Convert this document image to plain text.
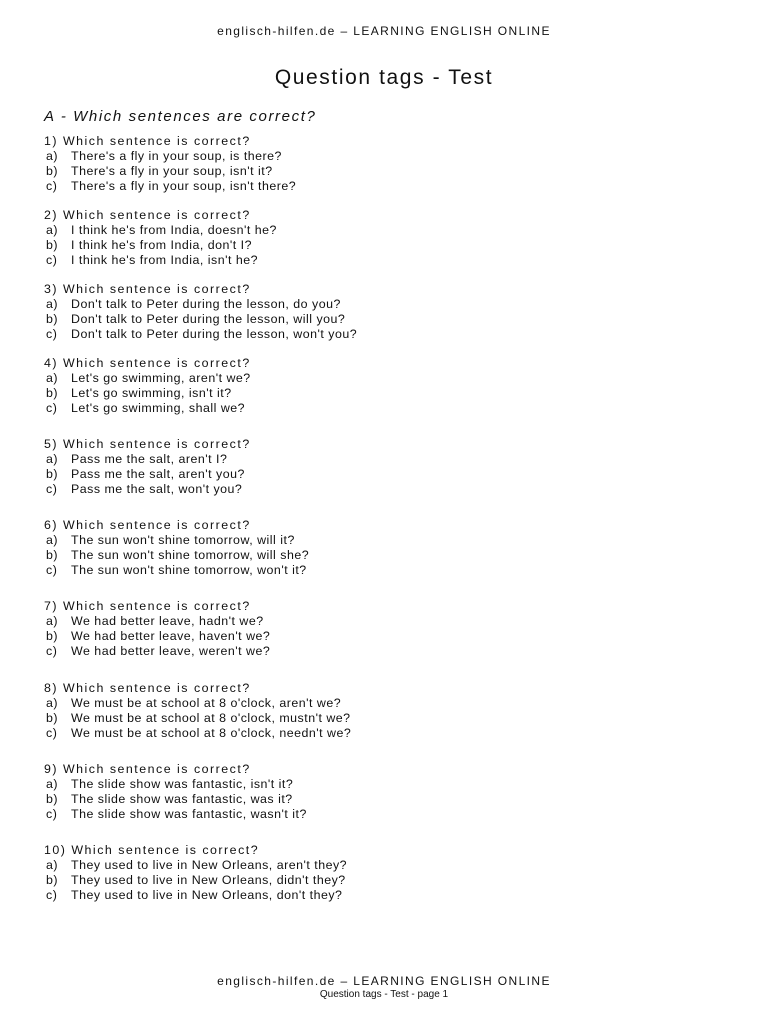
englisch-hilfen.de – LEARNING ENGLISH ONLINE
Question tags - Test
A - Which sentences are correct?
1) Which sentence is correct?
a)	There's a fly in your soup, is there?
b)	There's a fly in your soup, isn't it?
c)	There's a fly in your soup, isn't there?
2) Which sentence is correct?
a)	I think he's from India, doesn't he?
b)	I think he's from India, don't I?
c)	I think he's from India, isn't he?
3) Which sentence is correct?
a)	Don't talk to Peter during the lesson, do you?
b)	Don't talk to Peter during the lesson, will you?
c)	Don't talk to Peter during the lesson, won't you?
4) Which sentence is correct?
a)	Let's go swimming, aren't we?
b)	Let's go swimming, isn't it?
c)	Let's go swimming, shall we?
5) Which sentence is correct?
a)	Pass me the salt, aren't I?
b)	Pass me the salt, aren't you?
c)	Pass me the salt, won't you?
6) Which sentence is correct?
a)	The sun won't shine tomorrow, will it?
b)	The sun won't shine tomorrow, will she?
c)	The sun won't shine tomorrow, won't it?
7) Which sentence is correct?
a)	We had better leave, hadn't we?
b)	We had better leave, haven't we?
c)	We had better leave, weren't we?
8) Which sentence is correct?
a)	We must be at school at 8 o'clock, aren't we?
b)	We must be at school at 8 o'clock, mustn't we?
c)	We must be at school at 8 o'clock, needn't we?
9) Which sentence is correct?
a)	The slide show was fantastic, isn't it?
b)	The slide show was fantastic, was it?
c)	The slide show was fantastic, wasn't it?
10) Which sentence is correct?
a)	They used to live in New Orleans, aren't they?
b)	They used to live in New Orleans, didn't they?
c)	They used to live in New Orleans, don't they?
englisch-hilfen.de – LEARNING ENGLISH ONLINE
Question tags - Test - page 1
